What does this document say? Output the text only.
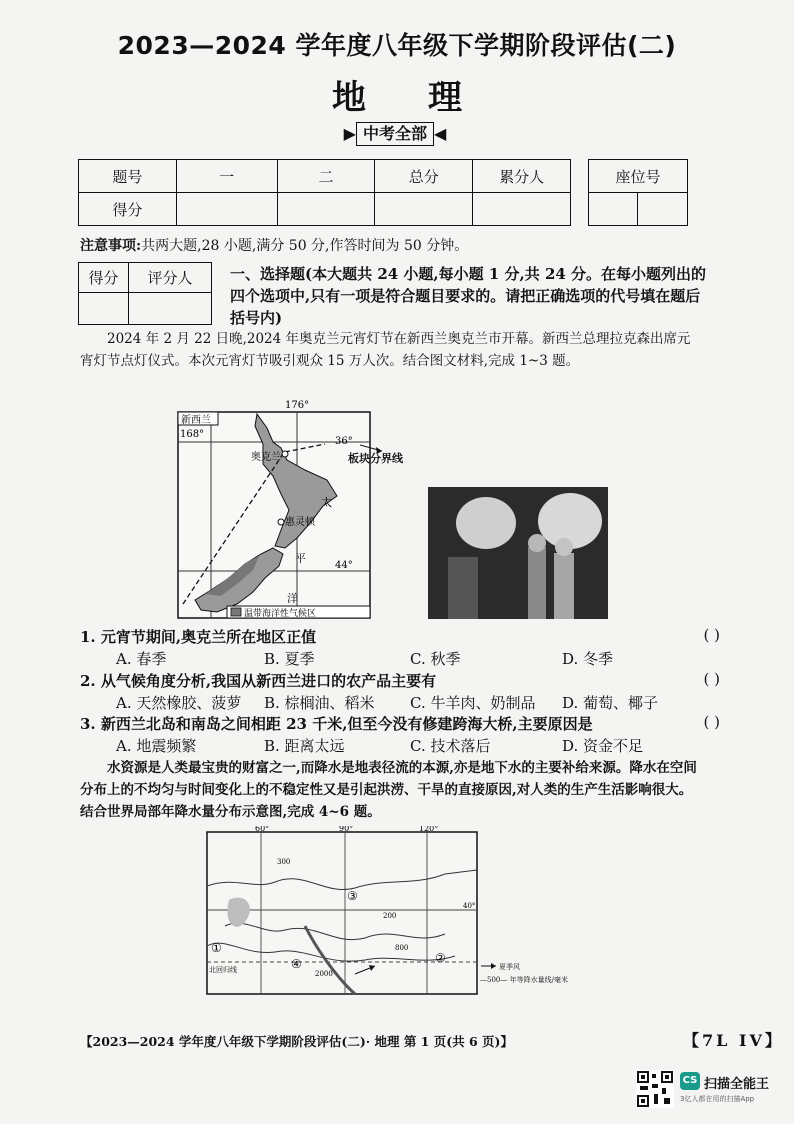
2023—2024 学年度八年级下学期阶段评估(二)
地理
▶ 中考全部 ◀
题号	一	二	总分	累分人
得分				
座位号

注意事项:共两大题,28 小题,满分 50 分,作答时间为 50 分钟。
得分	评分人
		一、选择题(本大题共 24 小题,每小题 1 分,共 24 分。在每小题列出的四个选项中,只有一项是符合题目要求的。请把正确选项的代号填在题后括号内)
2024 年 2 月 22 日晚,2024 年奥克兰元宵灯节在新西兰奥克兰市开幕。新西兰总理拉克森出席元宵灯节点灯仪式。本次元宵灯节吸引观众 15 万人次。结合图文材料,完成 1~3 题。
新西兰
176°
168°
36°
44°
奥克兰
惠灵顿
太
平
洋
温带海洋性气候区
板块分界线
1. 元宵节期间,奥克兰所在地区正值	( )
A. 春季	B. 夏季	C. 秋季	D. 冬季
2. 从气候角度分析,我国从新西兰进口的农产品主要有	( )
A. 天然橡胶、菠萝 B. 棕榈油、稻米 C. 牛羊肉、奶制品 D. 葡萄、椰子
3. 新西兰北岛和南岛之间相距 23 千米,但至今没有修建跨海大桥,主要原因是	( )
A. 地震频繁	B. 距离太远	C. 技术落后	D. 资金不足
水资源是人类最宝贵的财富之一,而降水是地表径流的本源,亦是地下水的主要补给来源。降水在空间分布上的不均匀与时间变化上的不稳定性又是引起洪涝、干旱的直接原因,对人类的生产生活影响很大。结合世界局部年降水量分布示意图,完成 4~6 题。
60°	90°	120°
40°
北回归线
300
200
800
2000
①
②
③
④	夏季风
—500— 年等降水量线/毫米
【2023—2024 学年度八年级下学期阶段评估(二)· 地理 第 1 页(共 6 页)】	【7L IV】
CS 扫描全能王
3亿人都在用的扫描App
